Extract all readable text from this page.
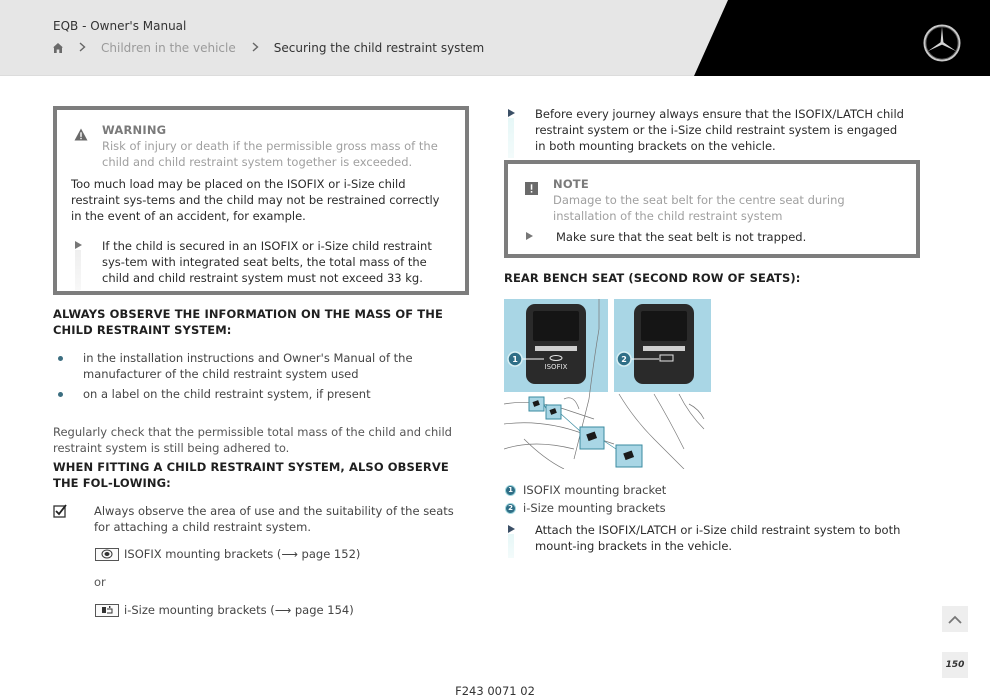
EQB - Owner's Manual
Children in the vehicle	Securing the child restraint system
WARNING
Risk of injury or death if the permissible gross mass of the child and child restraint system together is exceeded.
Too much load may be placed on the ISOFIX or i-Size child restraint sys-tems and the child may not be restrained correctly in the event of an accident, for example.
If the child is secured in an ISOFIX or i-Size child restraint sys-tem with integrated seat belts, the total mass of the child and child restraint system must not exceed 33 kg.
ALWAYS OBSERVE THE INFORMATION ON THE MASS OF THE CHILD RESTRAINT SYSTEM:
in the installation instructions and Owner's Manual of the manufacturer of the child restraint system used
on a label on the child restraint system, if present
Regularly check that the permissible total mass of the child and child restraint system is still being adhered to.
WHEN FITTING A CHILD RESTRAINT SYSTEM, ALSO OBSERVE THE FOL-LOWING:
Always observe the area of use and the suitability of the seats for attaching a child restraint system.
ISOFIX mounting brackets (⟶ page 152)
or
i-Size mounting brackets (⟶ page 154)
Before every journey always ensure that the ISOFIX/LATCH child restraint system or the i-Size child restraint system is engaged in both mounting brackets on the vehicle.
NOTE
Damage to the seat belt for the centre seat during installation of the child restraint system
Make sure that the seat belt is not trapped.
REAR BENCH SEAT (SECOND ROW OF SEATS):
ISOFIX
1	2
1 ISOFIX mounting bracket
2 i-Size mounting brackets
Attach the ISOFIX/LATCH or i-Size child restraint system to both mount-ing brackets in the vehicle.
150
F243 0071 02
